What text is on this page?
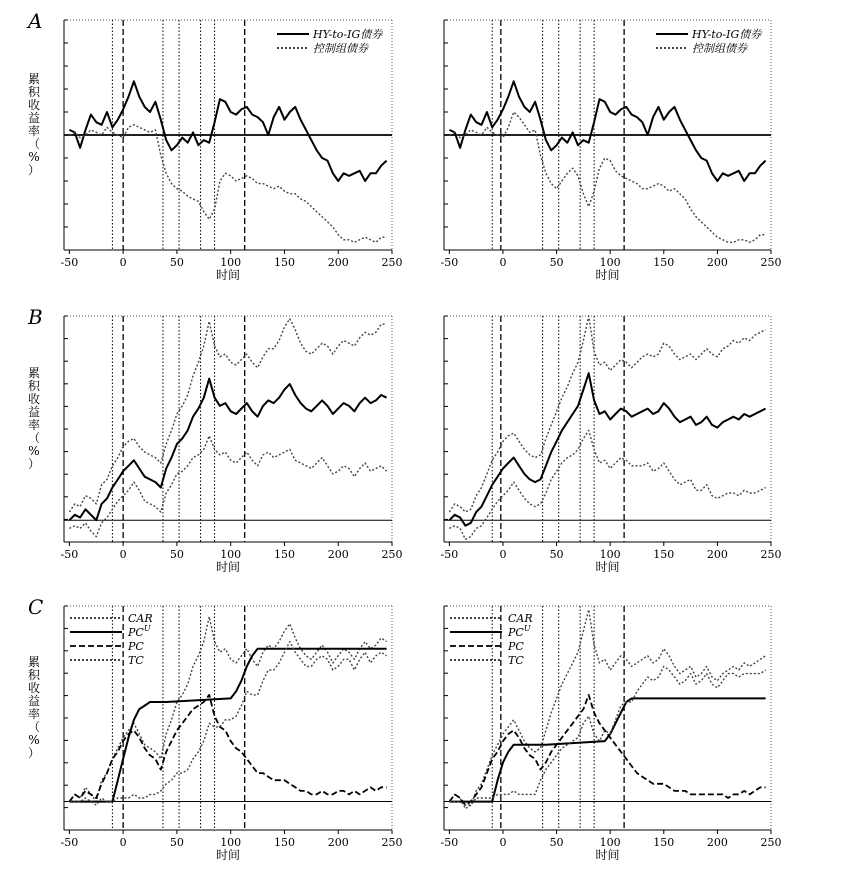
-50	0	50	100	150	200	250
时间
HY-to-IG债券
控制组债券
A
累
积
收
益
率
（
%
）
-50	0	50	100	150	200	250
时间
HY-to-IG债券
控制组债券
-50	0	50	100	150	200	250
时间
B
累
积
收
益
率
（
%
）
-50	0	50	100	150	200	250
时间
-50	0	50	100	150	200	250
时间
CAR
$PC^U$
PC
TC
C
累
积
收
益
率
（
%
）
-50	0	50	100	150	200	250
时间
CAR
$PC^U$
PC
TC
